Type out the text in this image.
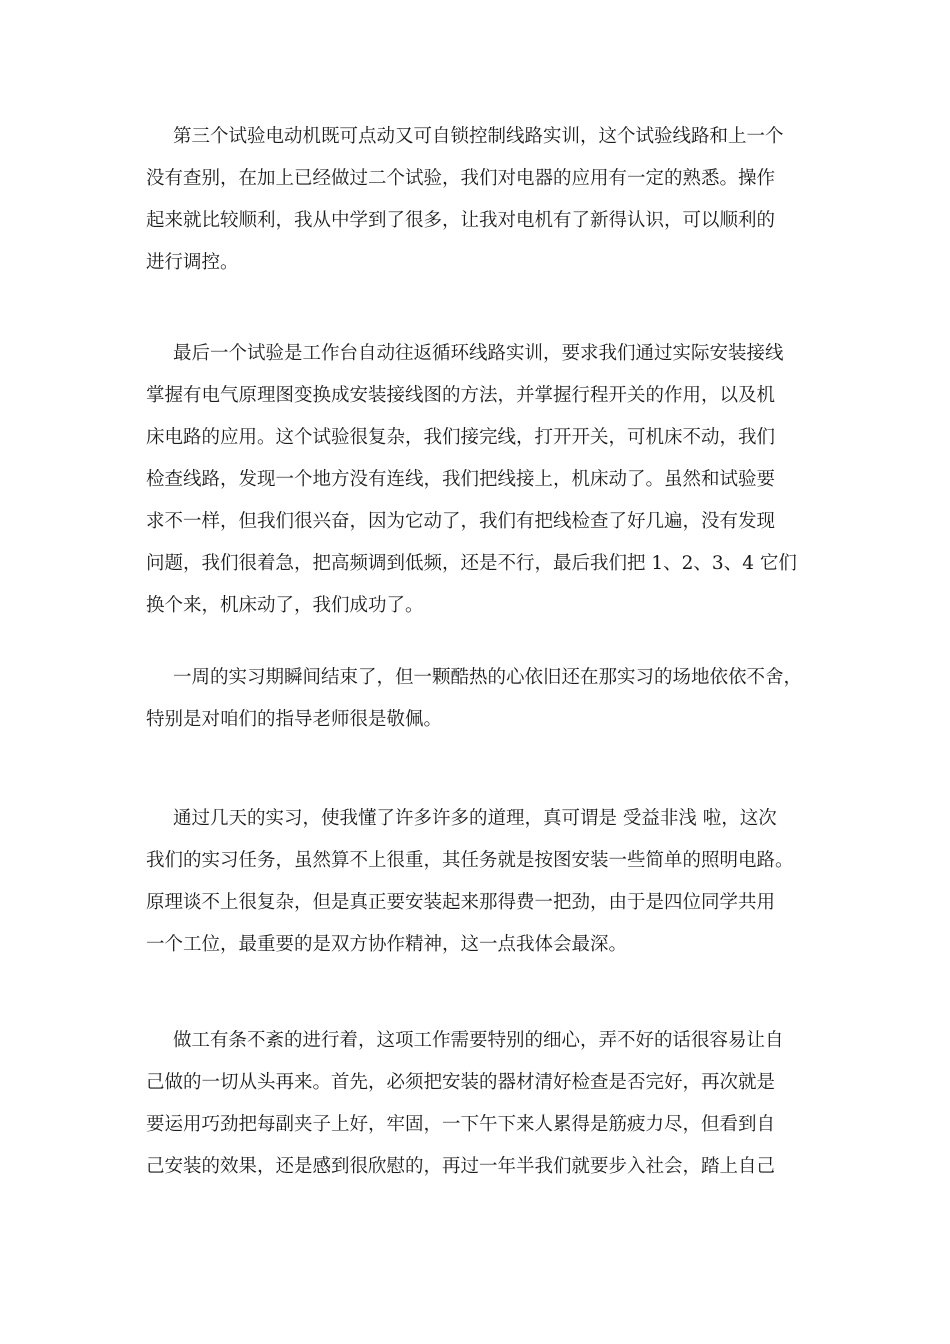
第三个试验电动机既可点动又可自锁控制线路实训，这个试验线路和上一个
没有查别，在加上已经做过二个试验，我们对电器的应用有一定的熟悉。操作
起来就比较顺利，我从中学到了很多，让我对电机有了新得认识，可以顺利的
进行调控。
最后一个试验是工作台自动往返循环线路实训，要求我们通过实际安装接线
掌握有电气原理图变换成安装接线图的方法，并掌握行程开关的作用，以及机
床电路的应用。这个试验很复杂，我们接完线，打开开关，可机床不动，我们
检查线路，发现一个地方没有连线，我们把线接上，机床动了。虽然和试验要
求不一样，但我们很兴奋，因为它动了，我们有把线检查了好几遍，没有发现
问题，我们很着急，把高频调到低频，还是不行，最后我们把 1、2、3、4 它们
换个来，机床动了，我们成功了。
一周的实习期瞬间结束了，但一颗酷热的心依旧还在那实习的场地依依不舍，
特别是对咱们的指导老师很是敬佩。
通过几天的实习，使我懂了许多许多的道理，真可谓是 受益非浅 啦，这次
我们的实习任务，虽然算不上很重，其任务就是按图安装一些简单的照明电路。
原理谈不上很复杂，但是真正要安装起来那得费一把劲，由于是四位同学共用
一个工位，最重要的是双方协作精神，这一点我体会最深。
做工有条不紊的进行着，这项工作需要特别的细心，弄不好的话很容易让自
己做的一切从头再来。首先，必须把安装的器材清好检查是否完好，再次就是
要运用巧劲把每副夹子上好，牢固，一下午下来人累得是筋疲力尽，但看到自
己安装的效果，还是感到很欣慰的，再过一年半我们就要步入社会，踏上自己
